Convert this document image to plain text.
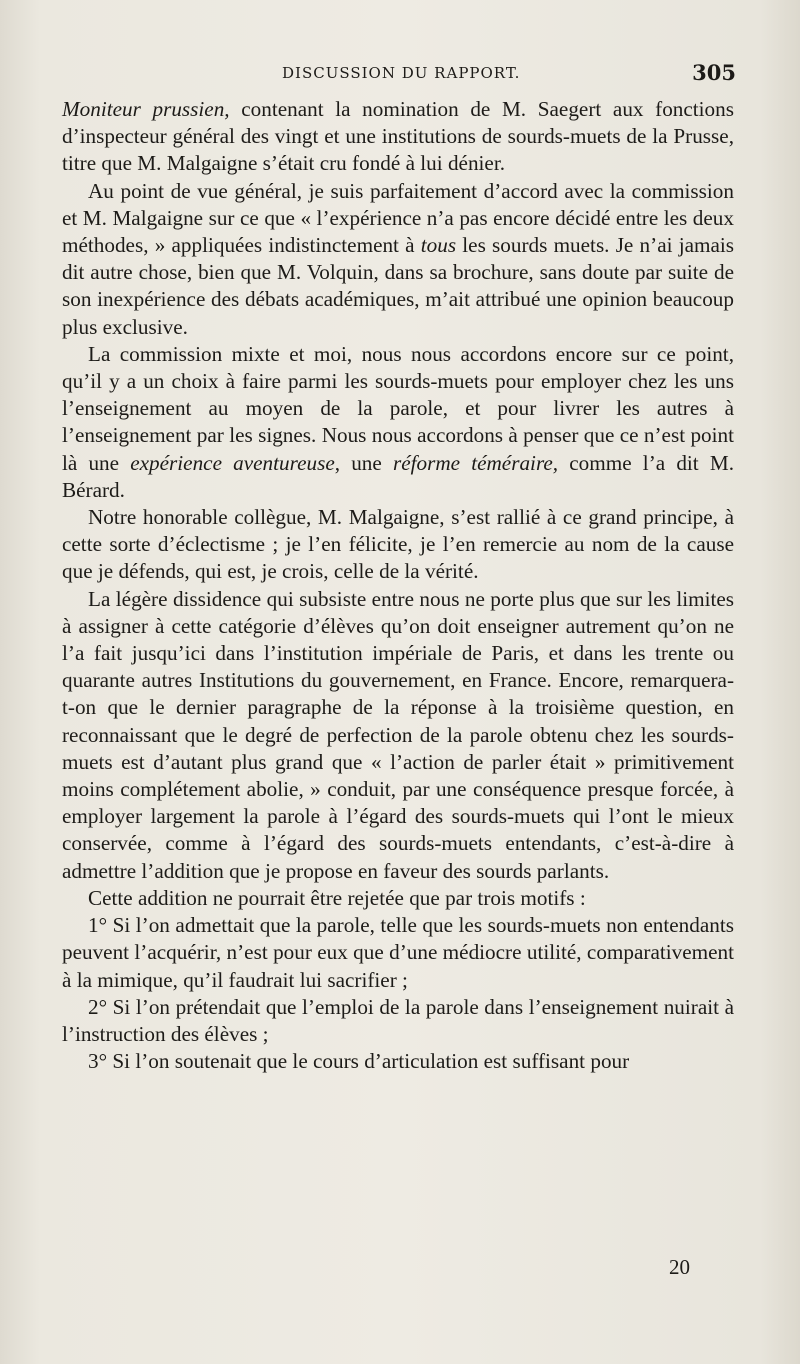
DISCUSSION DU RAPPORT.	305

Moniteur prussien, contenant la nomination de M. Saegert aux fonctions d’inspecteur général des vingt et une institutions de sourds-muets de la Prusse, titre que M. Malgaigne s’était cru fondé à lui dénier.

Au point de vue général, je suis parfaitement d’accord avec la commission et M. Malgaigne sur ce que « l’expérience n’a pas encore décidé entre les deux méthodes, » appliquées indistinctement à tous les sourds muets. Je n’ai jamais dit autre chose, bien que M. Volquin, dans sa brochure, sans doute par suite de son inexpérience des débats académiques, m’ait attribué une opinion beaucoup plus exclusive.

La commission mixte et moi, nous nous accordons encore sur ce point, qu’il y a un choix à faire parmi les sourds-muets pour employer chez les uns l’enseignement au moyen de la parole, et pour livrer les autres à l’enseignement par les signes. Nous nous accordons à penser que ce n’est point là une expérience aventureuse, une réforme téméraire, comme l’a dit M. Bérard.

Notre honorable collègue, M. Malgaigne, s’est rallié à ce grand principe, à cette sorte d’éclectisme ; je l’en félicite, je l’en remercie au nom de la cause que je défends, qui est, je crois, celle de la vérité.

La légère dissidence qui subsiste entre nous ne porte plus que sur les limites à assigner à cette catégorie d’élèves qu’on doit enseigner autrement qu’on ne l’a fait jusqu’ici dans l’institution impériale de Paris, et dans les trente ou quarante autres Institutions du gouvernement, en France. Encore, remarquera-t-on que le dernier paragraphe de la réponse à la troisième question, en reconnaissant que le degré de perfection de la parole obtenu chez les sourds-muets est d’autant plus grand que « l’action de parler était » primitivement moins complétement abolie, » conduit, par une conséquence presque forcée, à employer largement la parole à l’égard des sourds-muets qui l’ont le mieux conservée, comme à l’égard des sourds-muets entendants, c’est-à-dire à admettre l’addition que je propose en faveur des sourds parlants.

Cette addition ne pourrait être rejetée que par trois motifs :

1° Si l’on admettait que la parole, telle que les sourds-muets non entendants peuvent l’acquérir, n’est pour eux que d’une médiocre utilité, comparativement à la mimique, qu’il faudrait lui sacrifier ;

2° Si l’on prétendait que l’emploi de la parole dans l’enseignement nuirait à l’instruction des élèves ;

3° Si l’on soutenait que le cours d’articulation est suffisant pour

20
